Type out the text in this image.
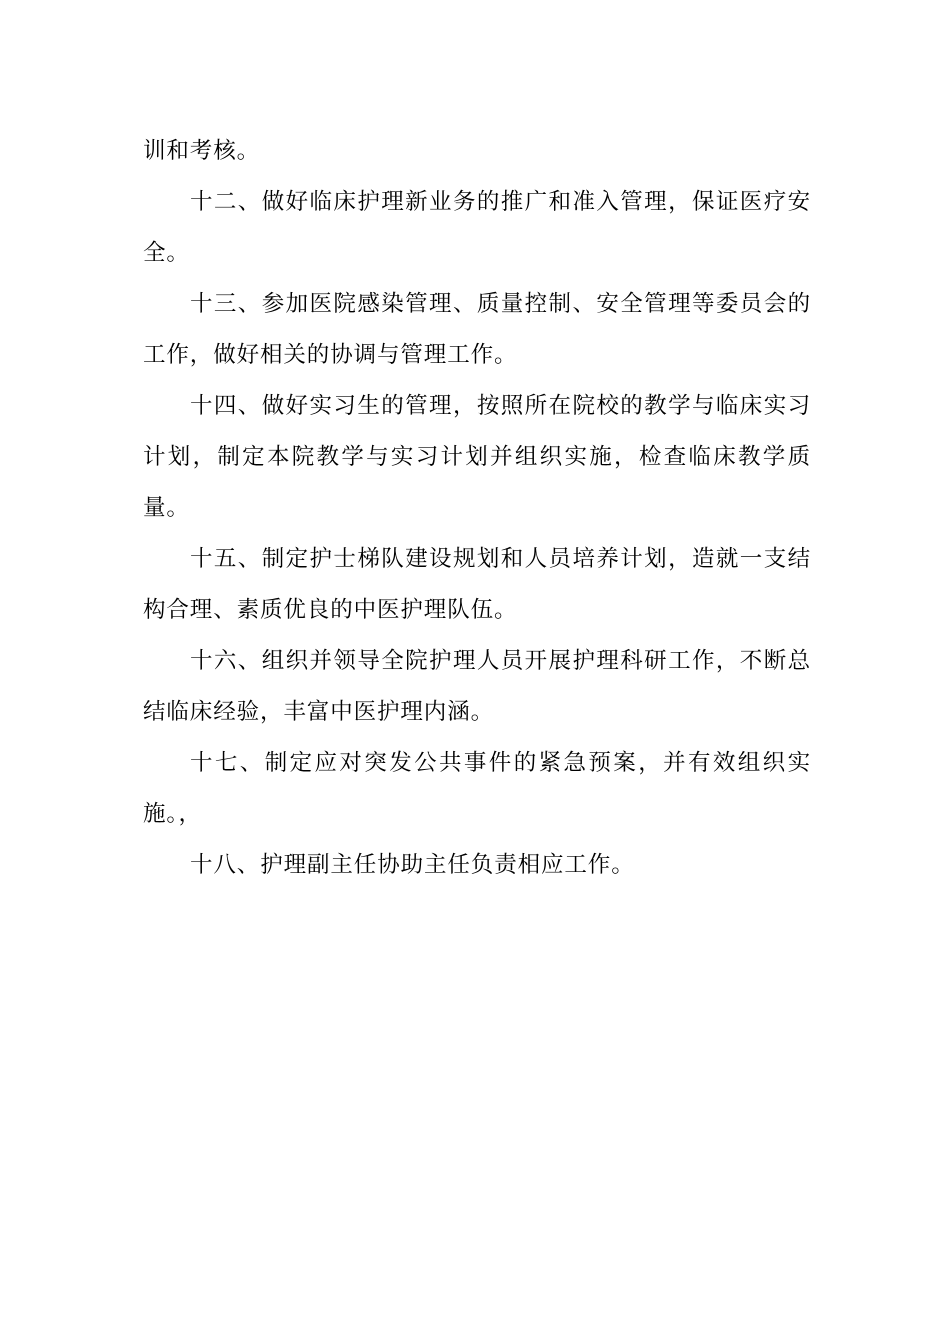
训和考核。

十二、做好临床护理新业务的推广和准入管理，保证医疗安全。

十三、参加医院感染管理、质量控制、安全管理等委员会的工作，做好相关的协调与管理工作。

十四、做好实习生的管理，按照所在院校的教学与临床实习计划，制定本院教学与实习计划并组织实施，检查临床教学质量。

十五、制定护士梯队建设规划和人员培养计划，造就一支结构合理、素质优良的中医护理队伍。

十六、组织并领导全院护理人员开展护理科研工作，不断总结临床经验，丰富中医护理内涵。

十七、制定应对突发公共事件的紧急预案，并有效组织实施。，

十八、护理副主任协助主任负责相应工作。
